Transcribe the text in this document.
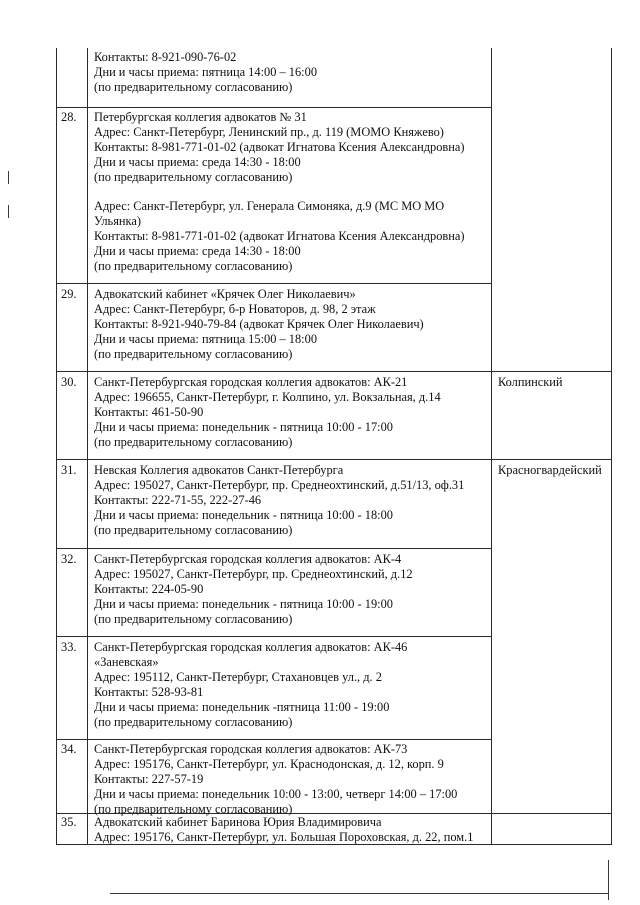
Контакты: 8-921-090-76-02
Дни и часы приема: пятница 14:00 – 16:00
(по предварительному согласованию)
28. Петербургская коллегия адвокатов № 31
Адрес: Санкт-Петербург, Ленинский пр., д. 119 (МОМО Княжево)
Контакты: 8-981-771-01-02 (адвокат Игнатова Ксения Александровна)
Дни и часы приема: среда 14:30 - 18:00
(по предварительному согласованию)
Адрес: Санкт-Петербург, ул. Генерала Симоняка, д.9 (МС МО МО
Ульянка)
Контакты: 8-981-771-01-02 (адвокат Игнатова Ксения Александровна)
Дни и часы приема: среда 14:30 - 18:00
(по предварительному согласованию)
29. Адвокатский кабинет «Крячек Олег Николаевич»
Адрес: Санкт-Петербург, б-р Новаторов, д. 98, 2 этаж
Контакты: 8-921-940-79-84 (адвокат Крячек Олег Николаевич)
Дни и часы приема: пятница 15:00 – 18:00
(по предварительному согласованию)
30. Санкт-Петербургская городская коллегия адвокатов: АК-21
Адрес: 196655, Санкт-Петербург, г. Колпино, ул. Вокзальная, д.14
Контакты: 461-50-90
Дни и часы приема: понедельник - пятница 10:00 - 17:00
(по предварительному согласованию)
Колпинский
31. Невская Коллегия адвокатов Санкт-Петербурга
Адрес: 195027, Санкт-Петербург, пр. Среднеохтинский, д.51/13, оф.31
Контакты: 222-71-55, 222-27-46
Дни и часы приема: понедельник - пятница 10:00 - 18:00
(по предварительному согласованию)
Красногвардейский
32. Санкт-Петербургская городская коллегия адвокатов: АК-4
Адрес: 195027, Санкт-Петербург, пр. Среднеохтинский, д.12
Контакты: 224-05-90
Дни и часы приема: понедельник - пятница 10:00 - 19:00
(по предварительному согласованию)
33. Санкт-Петербургская городская коллегия адвокатов: АК-46
«Заневская»
Адрес: 195112, Санкт-Петербург, Стахановцев ул., д. 2
Контакты: 528-93-81
Дни и часы приема: понедельник -пятница 11:00 - 19:00
(по предварительному согласованию)
34. Санкт-Петербургская городская коллегия адвокатов: АК-73
Адрес: 195176, Санкт-Петербург, ул. Краснодонская, д. 12, корп. 9
Контакты: 227-57-19
Дни и часы приема: понедельник 10:00 - 13:00, четверг 14:00 – 17:00
(по предварительному согласованию)
35. Адвокатский кабинет Баринова Юрия Владимировича
Адрес: 195176, Санкт-Петербург, ул. Большая Пороховская, д. 22, пом.1
